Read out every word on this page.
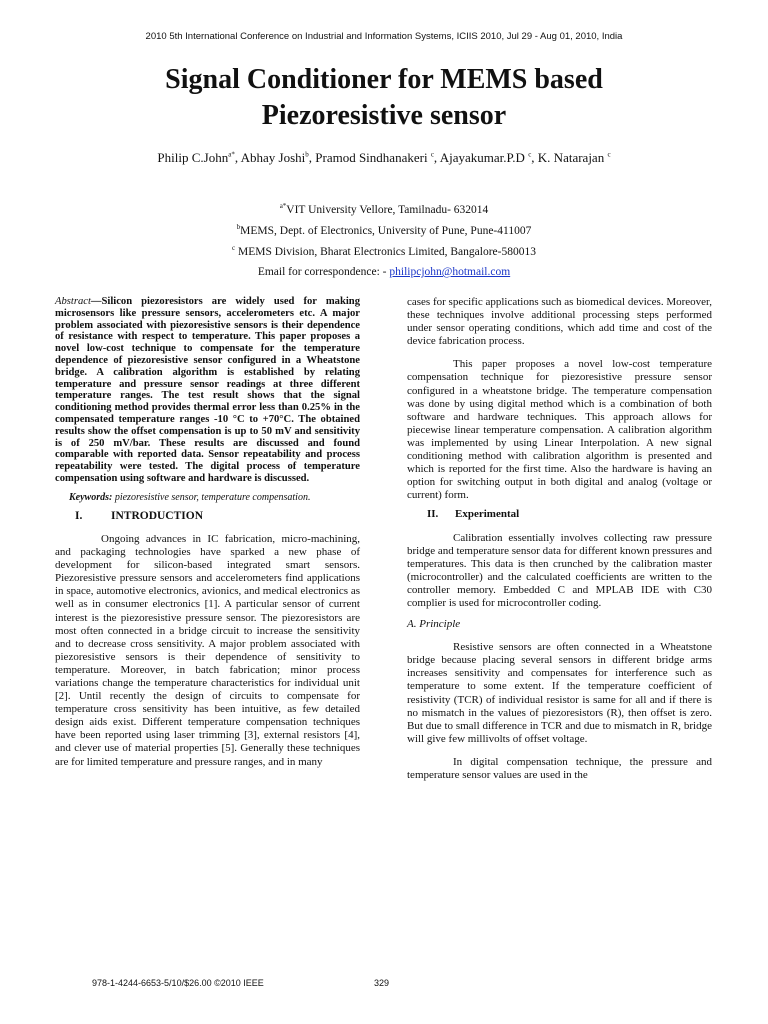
2010 5th International Conference on Industrial and Information Systems, ICIIS 2010, Jul 29 - Aug 01, 2010, India
Signal Conditioner for MEMS based
Piezoresistive sensor
Philip C.John$^{a*}$, Abhay Joshi$^b$, Pramod Sindhanakeri $^c$, Ajayakumar.P.D $^c$, K. Natarajan $^c$
$^{a*}$VIT University Vellore, Tamilnadu- 632014
$^b$MEMS, Dept. of Electronics, University of Pune, Pune-411007
$^c$ MEMS Division, Bharat Electronics Limited, Bangalore-580013
Email for correspondence: - philipcjohn@hotmail.com

Abstract—Silicon piezoresistors are widely used for making microsensors like pressure sensors, accelerometers etc. A major problem associated with piezoresistive sensors is their dependence of resistance with respect to temperature. This paper proposes a novel low-cost technique to compensate for the temperature dependence of piezoresistive sensor configured in a Wheatstone bridge. A calibration algorithm is established by relating temperature and pressure sensor readings at three different temperature ranges. The test result shows that the signal conditioning method provides thermal error less than 0.25% in the compensated temperature ranges -10 °C to +70°C. The obtained results show the offset compensation is up to 50 mV and sensitivity is of 250 mV/bar. These results are discussed and found comparable with reported data. Sensor repeatability and process repeatability were tested. The digital process of temperature compensation using software and hardware is discussed.

Keywords: piezoresistive sensor, temperature compensation.

I. INTRODUCTION

Ongoing advances in IC fabrication, micro-machining, and packaging technologies have sparked a new phase of development for silicon-based integrated smart sensors. Piezoresistive pressure sensors and accelerometers find applications in space, automotive electronics, avionics, and medical electronics as well as in consumer electronics [1]. A particular sensor of current interest is the piezoresistive pressure sensor. The piezoresistors are most often connected in a bridge circuit to increase the sensitivity and to decrease cross sensitivity. A major problem associated with piezoresistive sensors is their dependence of sensitivity to temperature. Moreover, in batch fabrication; minor process variations change the temperature characteristics for individual unit [2]. Until recently the design of circuits to compensate for temperature cross sensitivity has been intuitive, as few detailed design aids exist. Different temperature compensation techniques have been reported using laser trimming [3], external resistors [4], and clever use of material properties [5]. Generally these techniques are for limited temperature and pressure ranges, and in many

cases for specific applications such as biomedical devices. Moreover, these techniques involve additional processing steps performed under sensor operating conditions, which add time and cost of the device fabrication process.

This paper proposes a novel low-cost temperature compensation technique for piezoresistive pressure sensor configured in a wheatstone bridge. The temperature compensation was done by using digital method which is a combination of both software and hardware techniques. This approach allows for piecewise linear temperature compensation. A calibration algorithm was implemented by using Linear Interpolation. A new signal conditioning method with calibration algorithm is presented and which is reported for the first time. Also the hardware is having an option for switching output in both digital and analog (voltage or current) form.

II. Experimental

Calibration essentially involves collecting raw pressure bridge and temperature sensor data for different known pressures and temperatures. This data is then crunched by the calibration master (microcontroller) and the calculated coefficients are written to the controller memory. Embedded C and MPLAB IDE with C30 complier is used for microcontroller coding.

A. Principle

Resistive sensors are often connected in a Wheatstone bridge because placing several sensors in different bridge arms increases sensitivity and compensates for interference such as temperature to some extent. If the temperature coefficient of resistivity (TCR) of individual resistor is same for all and if there is no mismatch in the values of piezoresistors (R), then offset is zero. But due to small difference in TCR and due to mismatch in R, bridge will give few millivolts of offset voltage.

In digital compensation technique, the pressure and temperature sensor values are used in the

978-1-4244-6653-5/10/$26.00 ©2010 IEEE	329
